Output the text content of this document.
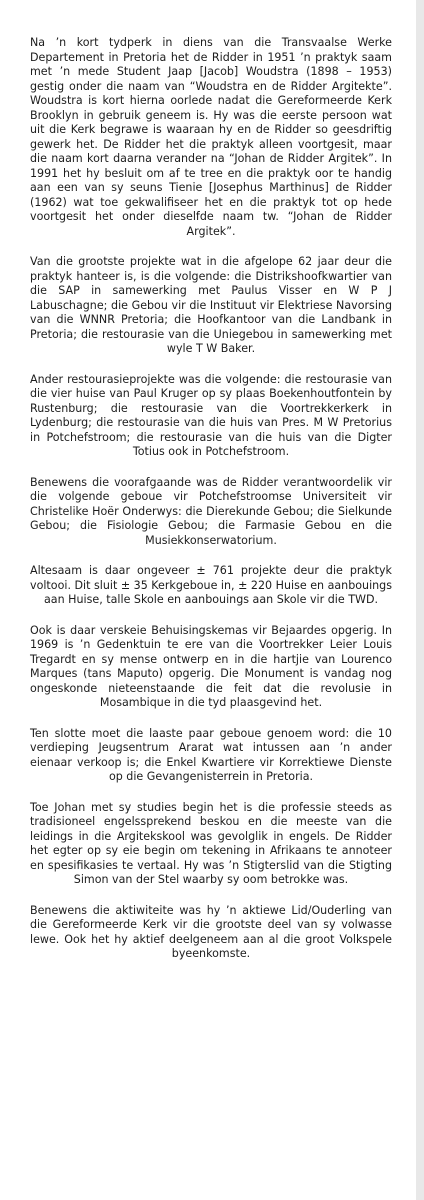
Na ’n kort tydperk in diens van die Transvaalse Werke Departement in Pretoria het de Ridder in 1951 ’n praktyk saam met ’n mede Student Jaap [Jacob] Woudstra (1898 – 1953) gestig onder die naam van “Woudstra en de Ridder Argitekte”. Woudstra is kort hierna oorlede nadat die Gereformeerde Kerk Brooklyn in gebruik geneem is. Hy was die eerste persoon wat uit die Kerk begrawe is waaraan hy en de Ridder so geesdriftig gewerk het. De Ridder het die praktyk alleen voortgesit, maar die naam kort daarna verander na “Johan de Ridder Argitek”. In 1991 het hy besluit om af te tree en die praktyk oor te handig aan een van sy seuns Tienie [Josephus Marthinus] de Ridder (1962) wat toe gekwalifiseer het en die praktyk tot op hede voortgesit het onder dieselfde naam tw. “Johan de Ridder Argitek”.

Van die grootste projekte wat in die afgelope 62 jaar deur die praktyk hanteer is, is die volgende: die Distrikshoofkwartier van die SAP in samewerking met Paulus Visser en W P J Labuschagne; die Gebou vir die Instituut vir Elektriese Navorsing van die WNNR Pretoria; die Hoofkantoor van die Landbank in Pretoria; die restourasie van die Uniegebou in samewerking met wyle T W Baker.

Ander restourasieprojekte was die volgende: die restourasie van die vier huise van Paul Kruger op sy plaas Boekenhoutfontein by Rustenburg; die restourasie van die Voortrekkerkerk in Lydenburg; die restourasie van die huis van Pres. M W Pretorius in Potchefstroom; die restourasie van die huis van die Digter Totius ook in Potchefstroom.

Benewens die voorafgaande was de Ridder verantwoordelik vir die volgende geboue vir Potchefstroomse Universiteit vir Christelike Hoër Onderwys: die Dierekunde Gebou; die Sielkunde Gebou; die Fisiologie Gebou; die Farmasie Gebou en die Musiekkonserwatorium.

Altesaam is daar ongeveer ± 761 projekte deur die praktyk voltooi. Dit sluit ± 35 Kerkgeboue in, ± 220 Huise en aanbouings aan Huise, talle Skole en aanbouings aan Skole vir die TWD.

Ook is daar verskeie Behuisingskemas vir Bejaardes opgerig. In 1969 is ’n Gedenktuin te ere van die Voortrekker Leier Louis Tregardt en sy mense ontwerp en in die hartjie van Lourenco Marques (tans Maputo) opgerig. Die Monument is vandag nog ongeskonde nieteenstaande die feit dat die revolusie in Mosambique in die tyd plaasgevind het.

Ten slotte moet die laaste paar geboue genoem word: die 10 verdieping Jeugsentrum Ararat wat intussen aan ’n ander eienaar verkoop is; die Enkel Kwartiere vir Korrektiewe Dienste op die Gevangenisterrein in Pretoria.

Toe Johan met sy studies begin het is die professie steeds as tradisioneel engelssprekend beskou en die meeste van die leidings in die Argitekskool was gevolglik in engels. De Ridder het egter op sy eie begin om tekening in Afrikaans te annoteer en spesifikasies te vertaal. Hy was ’n Stigterslid van die Stigting Simon van der Stel waarby sy oom betrokke was.

Benewens die aktiwiteite was hy ’n aktiewe Lid/Ouderling van die Gereformeerde Kerk vir die grootste deel van sy volwasse lewe. Ook het hy aktief deelgeneem aan al die groot Volkspele byeenkomste.
